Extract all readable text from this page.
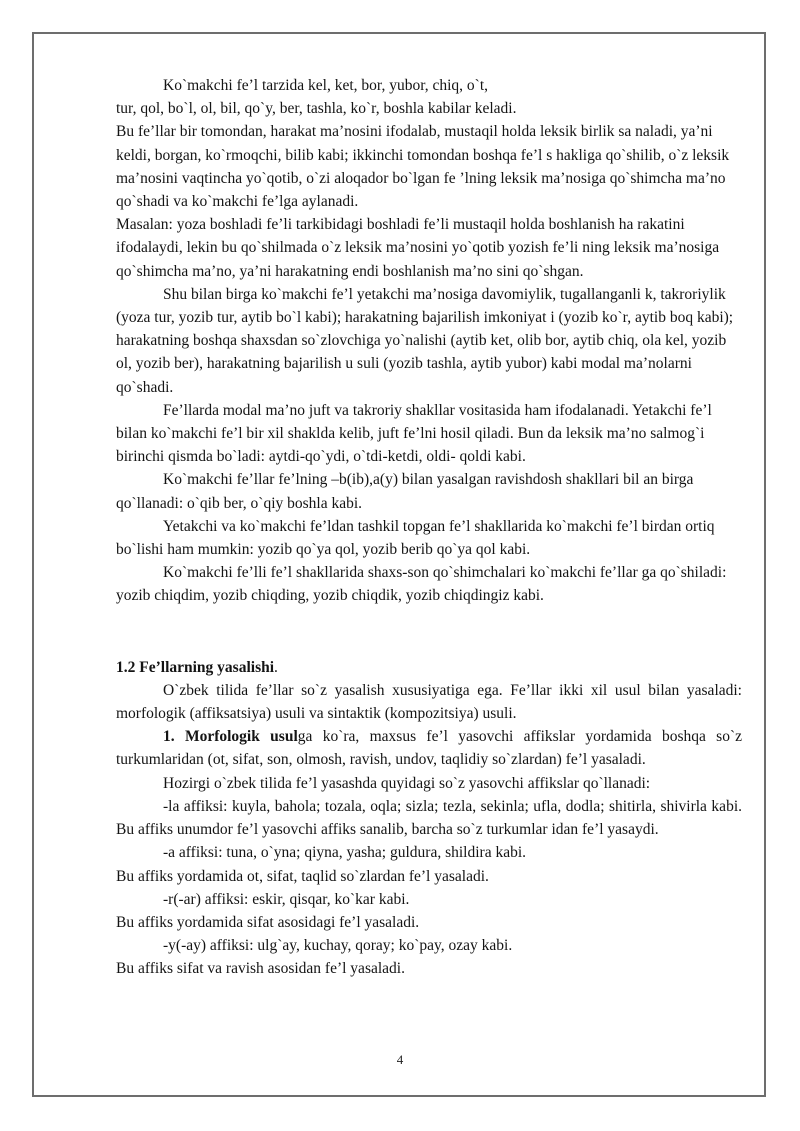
Ko`makchi fe’l tarzida kel, ket, bor, yubor, chiq, o`t,

tur, qol, bo`l, ol, bil, qo`y, ber, tashla, ko`r, boshla kabilar keladi.

Bu fe’llar bir tomondan, harakat ma’nosini ifodalab, mustaqil holda leksik birlik sa naladi, ya’ni keldi, borgan, ko`rmoqchi, bilib kabi; ikkinchi tomondan boshqa fe’l s hakliga qo`shilib, o`z leksik ma’nosini vaqtincha yo`qotib, o`zi aloqador bo`lgan fe ’lning leksik ma’nosiga qo`shimcha ma’no qo`shadi va ko`makchi fe’lga aylanadi.

Masalan: yoza boshladi fe’li tarkibidagi boshladi fe’li mustaqil holda boshlanish ha rakatini ifodalaydi, lekin bu qo`shilmada o`z leksik ma’nosini yo`qotib yozish fe’li ning leksik ma’nosiga qo`shimcha ma’no, ya’ni harakatning endi boshlanish ma’no sini qo`shgan.

Shu bilan birga ko`makchi fe’l yetakchi ma’nosiga davomiylik, tugallanganli k, takroriylik (yoza tur, yozib tur, aytib bo`l kabi); harakatning bajarilish imkoniyat i (yozib ko`r, aytib boq kabi); harakatning boshqa shaxsdan so`zlovchiga yo`nalishi (aytib ket, olib bor, aytib chiq, ola kel, yozib ol, yozib ber), harakatning bajarilish u suli (yozib tashla, aytib yubor) kabi modal ma’nolarni qo`shadi.

Fe’llarda modal ma’no juft va takroriy shakllar vositasida ham ifodalanadi. Yetakchi fe’l bilan ko`makchi fe’l bir xil shaklda kelib, juft fe’lni hosil qiladi. Bun da leksik ma’no salmog`i birinchi qismda bo`ladi: aytdi-qo`ydi, o`tdi-ketdi, oldi- qoldi kabi.

Ko`makchi fe’llar fe’lning –b(ib),a(y) bilan yasalgan ravishdosh shakllari bil an birga qo`llanadi: o`qib ber, o`qiy boshla kabi.

Yetakchi va ko`makchi fe’ldan tashkil topgan fe’l shakllarida ko`makchi fe’l birdan ortiq bo`lishi ham mumkin: yozib qo`ya qol, yozib berib qo`ya qol kabi.

Ko`makchi fe’lli fe’l shakllarida shaxs-son qo`shimchalari ko`makchi fe’llar ga qo`shiladi: yozib chiqdim, yozib chiqding, yozib chiqdik, yozib chiqdingiz kabi.

1.2 Fe’llarning yasalishi.

O`zbek tilida fe’llar so`z yasalish xususiyatiga ega. Fe’llar ikki xil usul bilan yasaladi: morfologik (affiksatsiya) usuli va sintaktik (kompozitsiya) usuli.

1. Morfologik usulga ko`ra, maxsus fe’l yasovchi affikslar yordamida boshqa so`z turkumlaridan (ot, sifat, son, olmosh, ravish, undov, taqlidiy so`zlardan) fe’l yasaladi.

Hozirgi o`zbek tilida fe’l yasashda quyidagi so`z yasovchi affikslar qo`llanadi:

-la affiksi: kuyla, bahola; tozala, oqla; sizla; tezla, sekinla; ufla, dodla; shitirla, shivirla kabi. Bu affiks unumdor fe’l yasovchi affiks sanalib, barcha so`z turkumlar idan fe’l yasaydi.

-a affiksi: tuna, o`yna; qiyna, yasha; guldura, shildira kabi.

Bu affiks yordamida ot, sifat, taqlid so`zlardan fe’l yasaladi.

-r(-ar) affiksi: eskir, qisqar, ko`kar kabi.

Bu affiks yordamida sifat asosidagi fe’l yasaladi.

-y(-ay) affiksi: ulg`ay, kuchay, qoray; ko`pay, ozay kabi.

Bu affiks sifat va ravish asosidan fe’l yasaladi.

4
